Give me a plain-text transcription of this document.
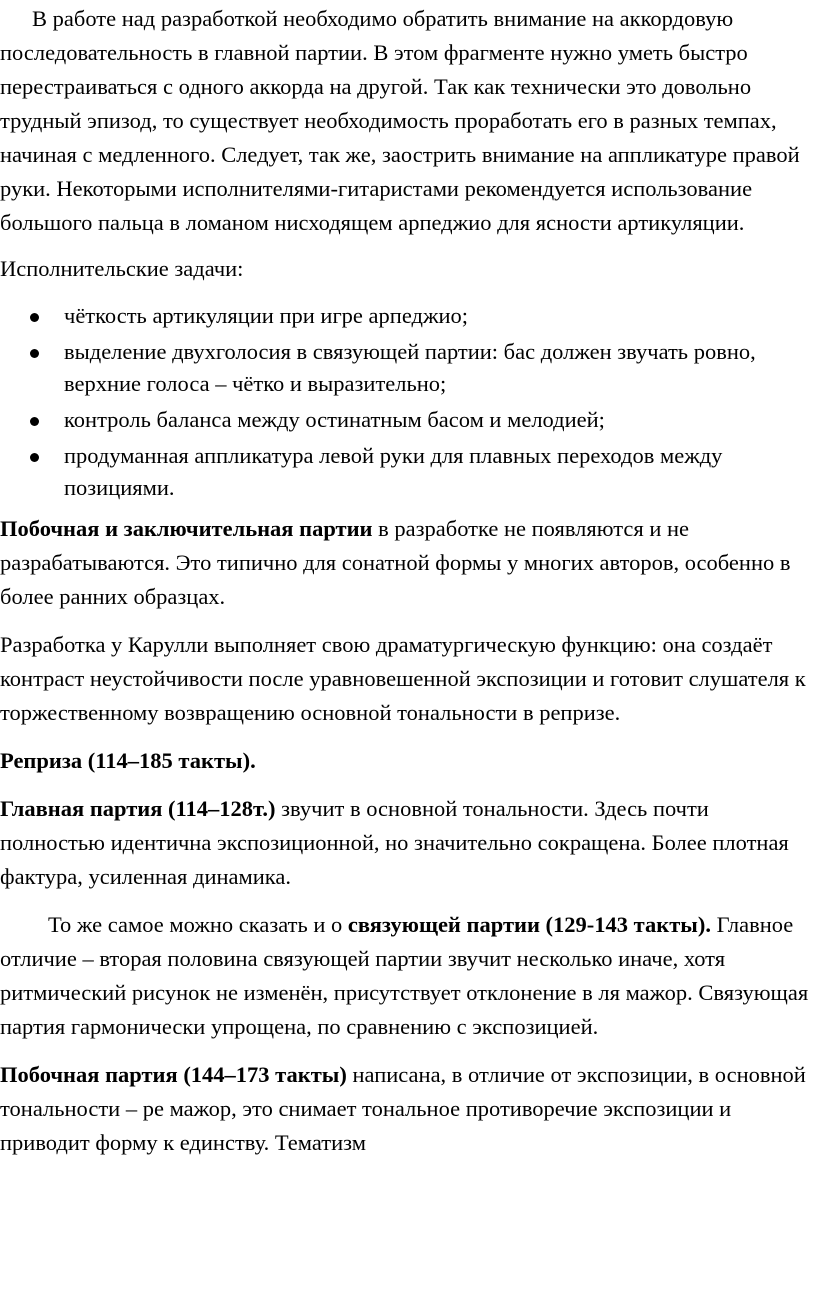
В работе над разработкой необходимо обратить внимание на аккордовую последовательность в главной партии. В этом фрагменте нужно уметь быстро перестраиваться с одного аккорда на другой. Так как технически это довольно трудный эпизод, то существует необходимость проработать его в разных темпах, начиная с медленного. Следует, так же, заострить внимание на аппликатуре правой руки. Некоторыми исполнителями-гитаристами рекомендуется использование большого пальца в ломаном нисходящем арпеджио для ясности артикуляции.

Исполнительские задачи:

чёткость артикуляции при игре арпеджио;
выделение двухголосия в связующей партии: бас должен звучать ровно, верхние голоса – чётко и выразительно;
контроль баланса между остинатным басом и мелодией;
продуманная аппликатура левой руки для плавных переходов между позициями.

Побочная и заключительная партии в разработке не появляются и не разрабатываются. Это типично для сонатной формы у многих авторов, особенно в более ранних образцах.

Разработка у Карулли выполняет свою драматургическую функцию: она создаёт контраст неустойчивости после уравновешенной экспозиции и готовит слушателя к торжественному возвращению основной тональности в репризе.

Реприза (114–185 такты).

Главная партия (114–128т.) звучит в основной тональности. Здесь почти полностью идентична экспозиционной, но значительно сокращена. Более плотная фактура, усиленная динамика.

То же самое можно сказать и о связующей партии (129-143 такты). Главное отличие – вторая половина связующей партии звучит несколько иначе, хотя ритмический рисунок не изменён, присутствует отклонение в ля мажор. Связующая партия гармонически упрощена, по сравнению с экспозицией.

Побочная партия (144–173 такты) написана, в отличие от экспозиции, в основной тональности – ре мажор, это снимает тональное противоречие экспозиции и приводит форму к единству. Тематизм
